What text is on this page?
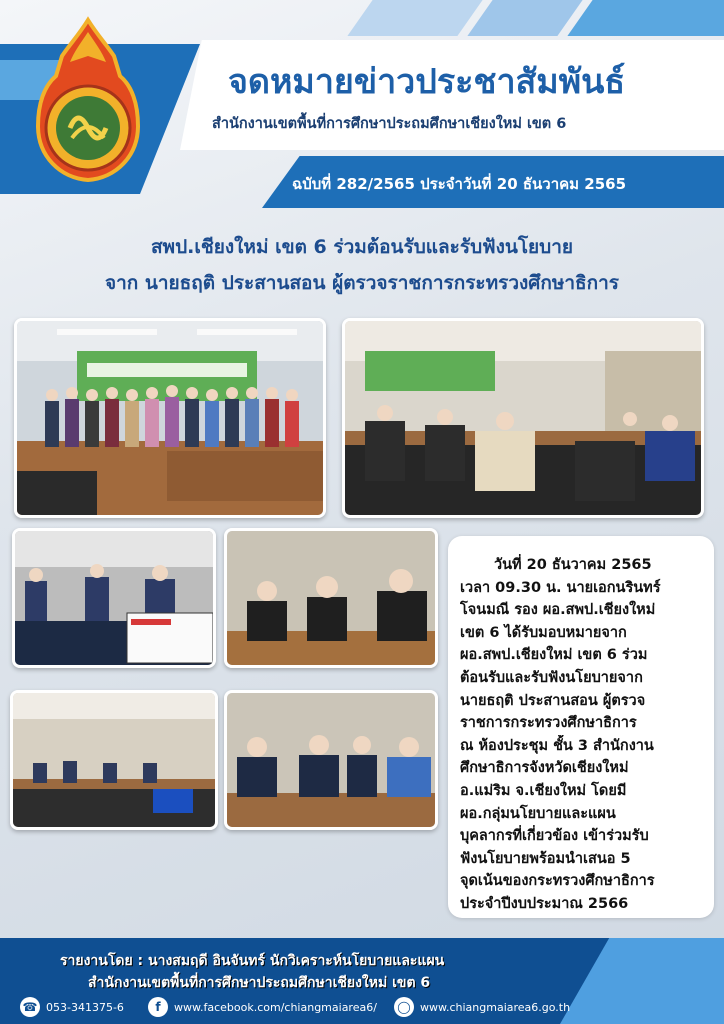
จดหมายข่าวประชาสัมพันธ์
สำนักงานเขตพื้นที่การศึกษาประถมศึกษาเชียงใหม่ เขต 6
ฉบับที่ 282/2565 ประจำวันที่ 20 ธันวาคม 2565
สพป.เชียงใหม่ เขต 6 ร่วมต้อนรับและรับฟังนโยบาย
จาก นายธฤติ ประสานสอน ผู้ตรวจราชการกระทรวงศึกษาธิการ
วันที่ 20 ธันวาคม 2565
เวลา 09.30 น. นายเอกนรินทร์
โจนมณี รอง ผอ.สพป.เชียงใหม่
เขต 6 ได้รับมอบหมายจาก
ผอ.สพป.เชียงใหม่ เขต 6 ร่วม
ต้อนรับและรับฟังนโยบายจาก
นายธฤติ ประสานสอน ผู้ตรวจ
ราชการกระทรวงศึกษาธิการ
ณ ห้องประชุม ชั้น 3 สำนักงาน
ศึกษาธิการจังหวัดเชียงใหม่
อ.แม่ริม จ.เชียงใหม่ โดยมี
ผอ.กลุ่มนโยบายและแผน
บุคลากรที่เกี่ยวข้อง เข้าร่วมรับ
ฟังนโยบายพร้อมนำเสนอ 5
จุดเน้นของกระทรวงศึกษาธิการ
ประจำปีงบประมาณ 2566
รายงานโดย : นางสมฤดี อินจันทร์ นักวิเคราะห์นโยบายและแผน
สำนักงานเขตพื้นที่การศึกษาประถมศึกษาเชียงใหม่ เขต 6
☎ 053-341375-6	f	www.facebook.com/chiangmaiarea6/ ◯ www.chiangmaiarea6.go.th
